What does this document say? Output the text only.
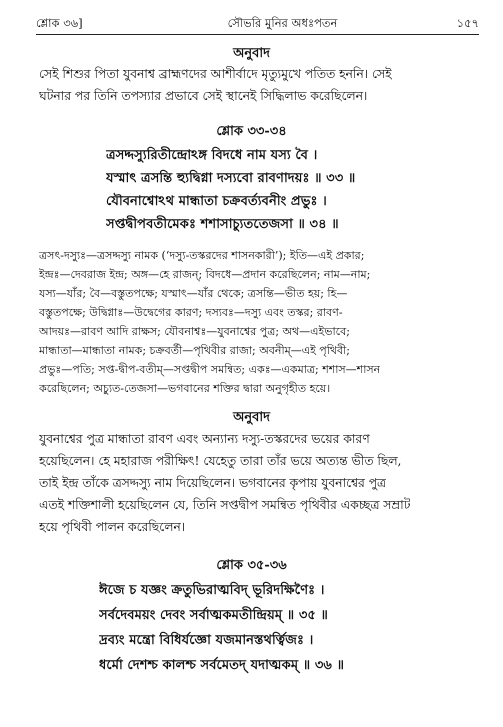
শ্লোক ৩৬]	সৌভরি মুনির অধঃপতন	১৫৭
অনুবাদ
সেই শিশুর পিতা যুবনাশ্ব ব্রাহ্মণদের আশীর্বাদে মৃত্যুমুখে পতিত হননি। সেই
ঘটনার পর তিনি তপস্যার প্রভাবে সেই স্থানেই সিদ্ধিলাভ করেছিলেন।
শ্লোক ৩৩-৩৪
ত্রসদ্দস্যুরিতীন্দ্রোঽঙ্গ বিদধে নাম যস্য বৈ ।
যস্মাৎ ত্রসন্তি হ্যুদ্বিগ্না দস্যবো রাবণাদয়ঃ ॥ ৩৩ ॥
যৌবনাশ্বোঽথ মান্ধাতা চক্রবর্ত্যবনীং প্রভুঃ ।
সপ্তদ্বীপবতীমেকঃ শশাসাচ্যুততেজসা ॥ ৩৪ ॥
ত্রসৎ-দস্যুঃ—ত্রসদ্দস্যু নামক (‘দস্যু-তস্করদের শাসনকারী’); ইতি—এই প্রকার;
ইন্দ্রঃ—দেবরাজ ইন্দ্র; অঙ্গ—হে রাজন্; বিদধে—প্রদান করেছিলেন; নাম—নাম;
যস্য—যাঁর; বৈ—বস্তুতপক্ষে; যস্মাৎ—যাঁর থেকে; ত্রসন্তি—ভীত হয়; হি—
বস্তুতপক্ষে; উদ্বিগ্নাঃ—উদ্বেগের কারণ; দস্যবঃ—দস্যু এবং তস্কর; রাবণ-
আদয়ঃ—রাবণ আদি রাক্ষস; যৌবনাশ্বঃ—যুবনাশ্বের পুত্র; অথ—এইভাবে;
মান্ধাতা—মান্ধাতা নামক; চক্রবর্তী—পৃথিবীর রাজা; অবনীম্—এই পৃথিবী;
প্রভুঃ—পতি; সপ্ত-দ্বীপ-বতীম্—সপ্তদ্বীপ সমন্বিত; একঃ—একমাত্র; শশাস—শাসন
করেছিলেন; অচ্যুত-তেজসা—ভগবানের শক্তির দ্বারা অনুগৃহীত হয়ে।
অনুবাদ
যুবনাশ্বের পুত্র মান্ধাতা রাবণ এবং অন্যান্য দস্যু-তস্করদের ভয়ের কারণ
হয়েছিলেন। হে মহারাজ পরীক্ষিৎ! যেহেতু তারা তাঁর ভয়ে অত্যন্ত ভীত ছিল,
তাই ইন্দ্র তাঁকে ত্রসদ্দস্যু নাম দিয়েছিলেন। ভগবানের কৃপায় যুবনাশ্বের পুত্র
এতই শক্তিশালী হয়েছিলেন যে, তিনি সপ্তদ্বীপ সমন্বিত পৃথিবীর একচ্ছত্র সম্রাট
হয়ে পৃথিবী পালন করেছিলেন।
শ্লোক ৩৫-৩৬
ঈজে চ যজ্ঞং ক্রতুভিরাত্মবিদ্ ভূরিদক্ষিণৈঃ ।
সর্বদেবময়ং দেবং সর্বাত্মকমতীন্দ্রিয়ম্ ॥ ৩৫ ॥
দ্রব্যং মন্ত্রো বিধির্যজ্ঞো যজমানস্তথর্ত্বিজঃ ।
ধর্মো দেশশ্চ কালশ্চ সর্বমেতদ্ যদাত্মকম্ ॥ ৩৬ ॥
